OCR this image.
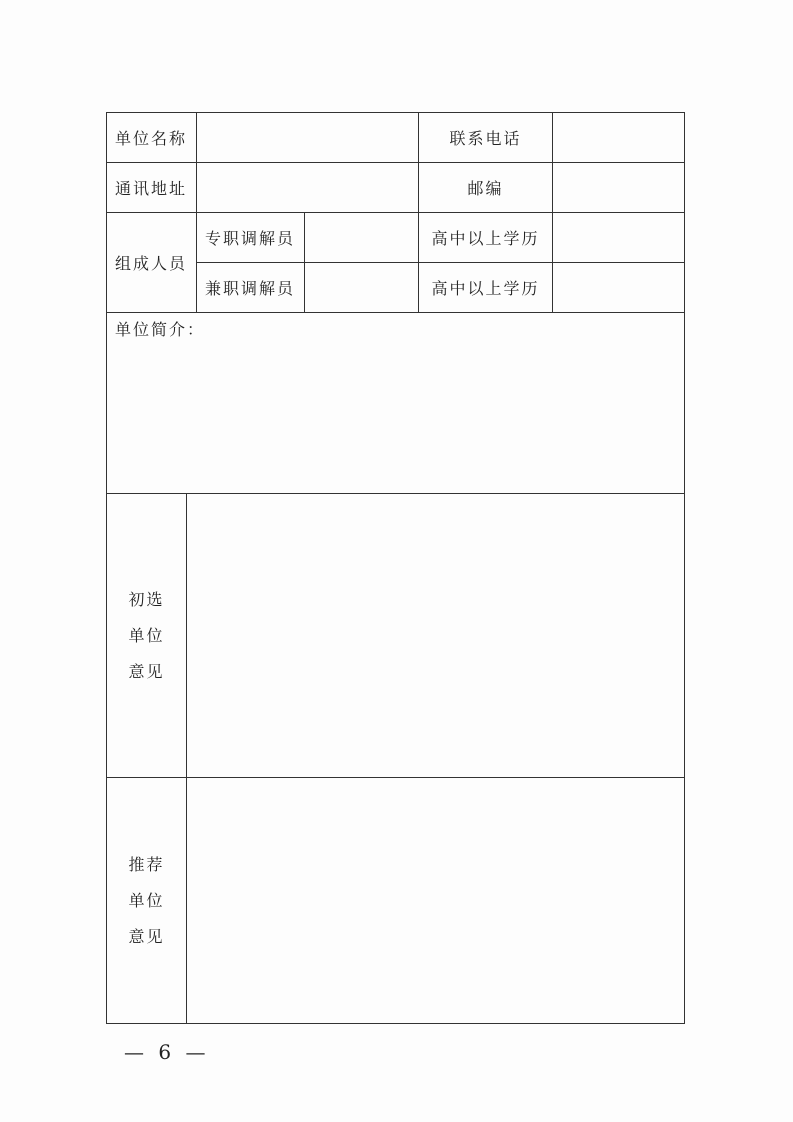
单位名称				联系电话	
通讯地址				邮编	
组成人员		专职调解员		高中以上学历	
		兼职调解员		高中以上学历	

单位简介：					

初选
单位
意见					

推荐
单位
意见					

— 6 —
